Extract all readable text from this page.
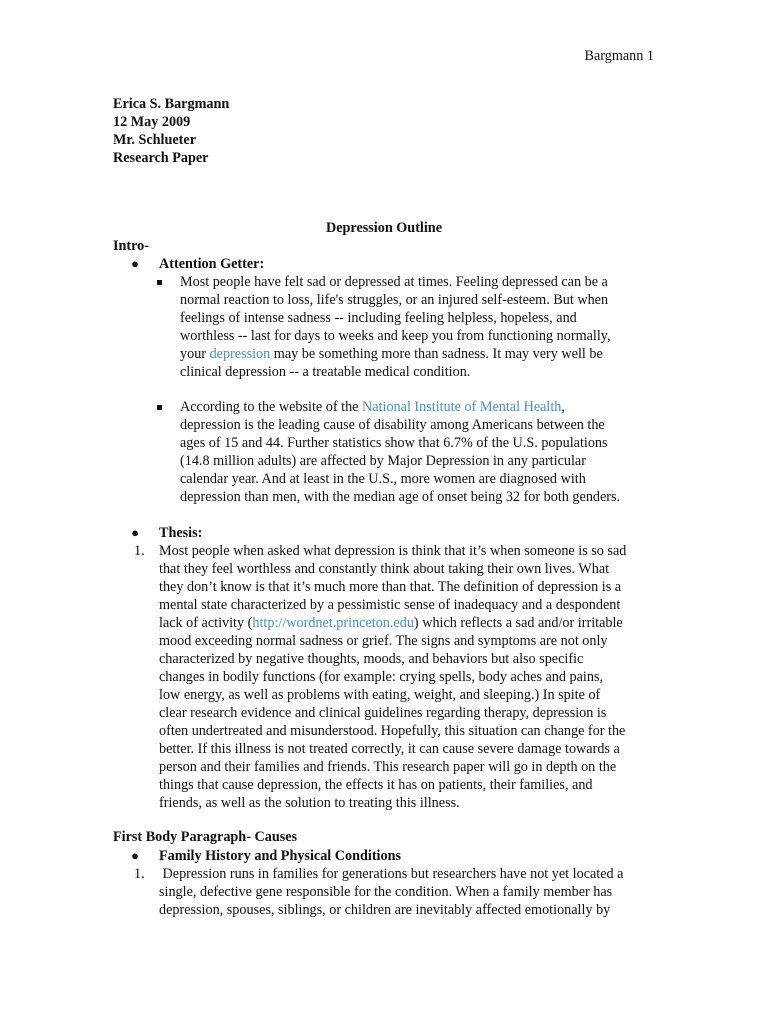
Bargmann 1
Erica S. Bargmann
12 May 2009
Mr. Schlueter
Research Paper
Depression Outline
Intro-
● Attention Getter:
Most people have felt sad or depressed at times. Feeling depressed can be a
normal reaction to loss, life's struggles, or an injured self-esteem. But when
feelings of intense sadness -- including feeling helpless, hopeless, and
worthless -- last for days to weeks and keep you from functioning normally,
your depression may be something more than sadness. It may very well be
clinical depression -- a treatable medical condition.
According to the website of the National Institute of Mental Health,
depression is the leading cause of disability among Americans between the
ages of 15 and 44. Further statistics show that 6.7% of the U.S. populations
(14.8 million adults) are affected by Major Depression in any particular
calendar year. And at least in the U.S., more women are diagnosed with
depression than men, with the median age of onset being 32 for both genders.
● Thesis:
1. Most people when asked what depression is think that it’s when someone is so sad
that they feel worthless and constantly think about taking their own lives. What
they don’t know is that it’s much more than that. The definition of depression is a
mental state characterized by a pessimistic sense of inadequacy and a despondent
lack of activity (http://wordnet.princeton.edu) which reflects a sad and/or irritable
mood exceeding normal sadness or grief. The signs and symptoms are not only
characterized by negative thoughts, moods, and behaviors but also specific
changes in bodily functions (for example: crying spells, body aches and pains,
low energy, as well as problems with eating, weight, and sleeping.) In spite of
clear research evidence and clinical guidelines regarding therapy, depression is
often undertreated and misunderstood. Hopefully, this situation can change for the
better. If this illness is not treated correctly, it can cause severe damage towards a
person and their families and friends. This research paper will go in depth on the
things that cause depression, the effects it has on patients, their families, and
friends, as well as the solution to treating this illness.
First Body Paragraph- Causes
● Family History and Physical Conditions
1. Depression runs in families for generations but researchers have not yet located a
single, defective gene responsible for the condition. When a family member has
depression, spouses, siblings, or children are inevitably affected emotionally by
